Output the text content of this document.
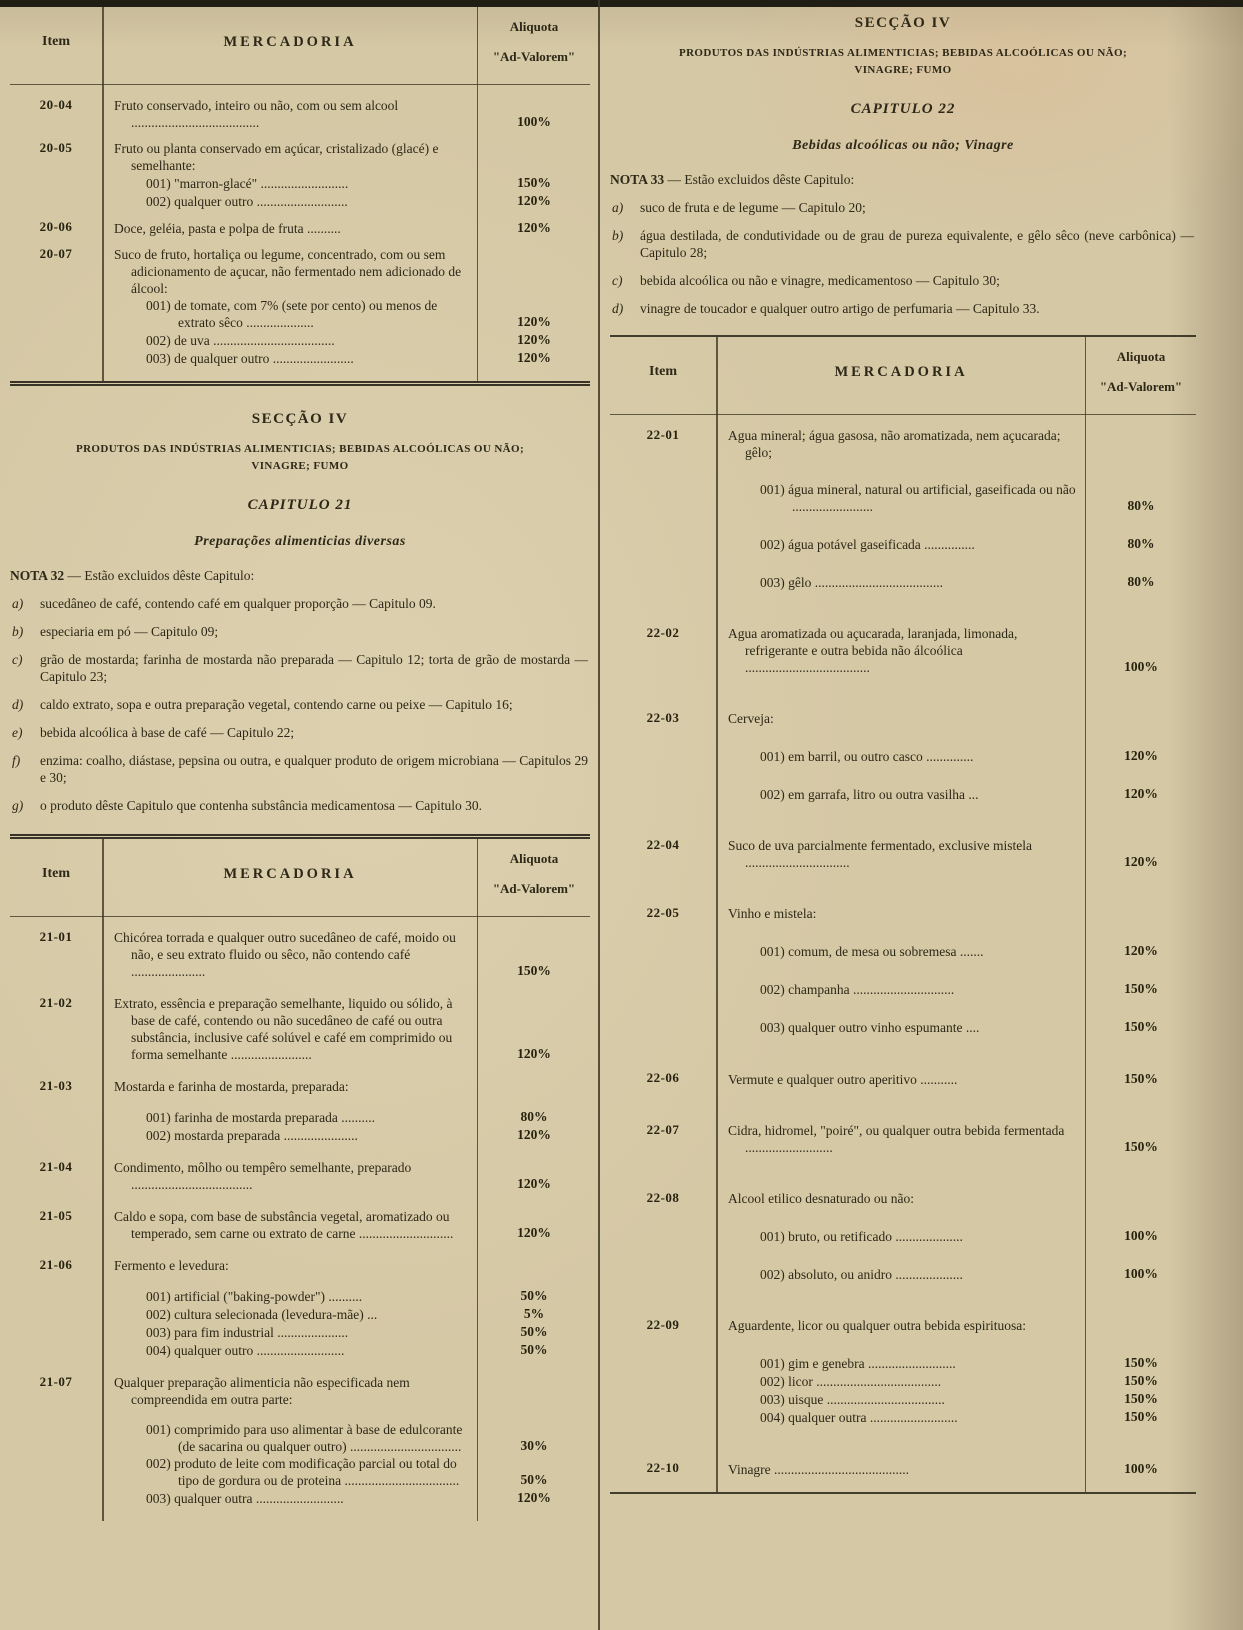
Item	MERCADORIA
Aliquota
"Ad-Valorem"
20-04	Fruto conservado, inteiro ou não, com ou sem alcool ......................................	100%
20-05	Fruto ou planta conservado em açúcar, cristalizado (glacé) e semelhante:
001) "marron-glacé" ..........................	150%
002) qualquer outro ...........................	120%
20-06	Doce, geléia, pasta e polpa de fruta ..........	120%
20-07	Suco de fruto, hortaliça ou legume, concentrado, com ou sem adicionamento de açucar, não fermentado nem adicionado de álcool:
001) de tomate, com 7% (sete por cento) ou menos de extrato sêco ....................	120%
002) de uva ....................................	120%
003) de qualquer outro ........................	120%
SECÇÃO IV
PRODUTOS DAS INDÚSTRIAS ALIMENTICIAS; BEBIDAS ALCOÓLICAS OU NÃO;
VINAGRE; FUMO
CAPITULO 21
Preparações alimenticias diversas
NOTA 32 — Estão excluidos dêste Capitulo:
a)	sucedâneo de café, contendo café em qualquer proporção — Capitulo 09.
b)	especiaria em pó — Capitulo 09;
c)	grão de mostarda; farinha de mostarda não preparada — Capitulo 12; torta de grão de mostarda — Capitulo 23;
d)	caldo extrato, sopa e outra preparação vegetal, contendo carne ou peixe — Capitulo 16;
e)	bebida alcoólica à base de café — Capitulo 22;
f)	enzima: coalho, diástase, pepsina ou outra, e qualquer produto de origem microbiana — Capitulos 29 e 30;
g)	o produto dêste Capitulo que contenha substância medicamentosa — Capitulo 30.
Item	MERCADORIA
Aliquota
"Ad-Valorem"
21-01	Chicórea torrada e qualquer outro sucedâneo de café, moido ou não, e seu extrato fluido ou sêco, não contendo café ......................	150%
21-02	Extrato, essência e preparação semelhante, liquido ou sólido, à base de café, contendo ou não sucedâneo de café ou outra substância, inclusive café solúvel e café em comprimido ou forma semelhante ........................	120%
21-03	Mostarda e farinha de mostarda, preparada:
001) farinha de mostarda preparada ..........	80%
002) mostarda preparada ......................	120%
21-04	Condimento, môlho ou tempêro semelhante, preparado ....................................	120%
21-05	Caldo e sopa, com base de substância vegetal, aromatizado ou temperado, sem carne ou extrato de carne ............................	120%
21-06	Fermento e levedura:
001) artificial ("baking-powder") ..........	50%
002) cultura selecionada (levedura-mãe) ...	5%
003) para fim industrial .....................	50%
004) qualquer outro ..........................	50%
21-07	Qualquer preparação alimenticia não especificada nem compreendida em outra parte:
001) comprimido para uso alimentar à base de edulcorante (de sacarina ou qualquer outro) .................................	30%
002) produto de leite com modificação parcial ou total do tipo de gordura ou de proteina ..................................	50%
003) qualquer outra ..........................	120%
SECÇÃO IV
PRODUTOS DAS INDÚSTRIAS ALIMENTICIAS; BEBIDAS ALCOÓLICAS OU NÃO;
VINAGRE; FUMO
CAPITULO 22
Bebidas alcoólicas ou não; Vinagre
NOTA 33 — Estão excluidos dêste Capitulo:
a)	suco de fruta e de legume — Capitulo 20;
b)	água destilada, de condutividade ou de grau de pureza equivalente, e gêlo sêco (neve carbônica) — Capitulo 28;
c)	bebida alcoólica ou não e vinagre, medicamentoso — Capitulo 30;
d)	vinagre de toucador e qualquer outro artigo de perfumaria — Capitulo 33.
Item	MERCADORIA
Aliquota
"Ad-Valorem"
22-01	Agua mineral; água gasosa, não aromatizada, nem açucarada; gêlo;
001) água mineral, natural ou artificial, gaseificada ou não ........................	80%
002) água potável gaseificada ...............	80%
003) gêlo ......................................	80%
22-02	Agua aromatizada ou açucarada, laranjada, limonada, refrigerante e outra bebida não álcoólica .....................................	100%
22-03	Cerveja:
001) em barril, ou outro casco ..............	120%
002) em garrafa, litro ou outra vasilha ...	120%
22-04	Suco de uva parcialmente fermentado, exclusive mistela ...............................	120%
22-05	Vinho e mistela:
001) comum, de mesa ou sobremesa .......	120%
002) champanha ..............................	150%
003) qualquer outro vinho espumante ....	150%
22-06	Vermute e qualquer outro aperitivo ...........	150%
22-07	Cidra, hidromel, "poiré", ou qualquer outra bebida fermentada ..........................	150%
22-08	Alcool etilico desnaturado ou não:
001) bruto, ou retificado ....................	100%
002) absoluto, ou anidro ....................	100%
22-09	Aguardente, licor ou qualquer outra bebida espirituosa:
001) gim e genebra ..........................	150%
002) licor .....................................	150%
003) uisque ...................................	150%
004) qualquer outra ..........................	150%
22-10	Vinagre ........................................	100%
